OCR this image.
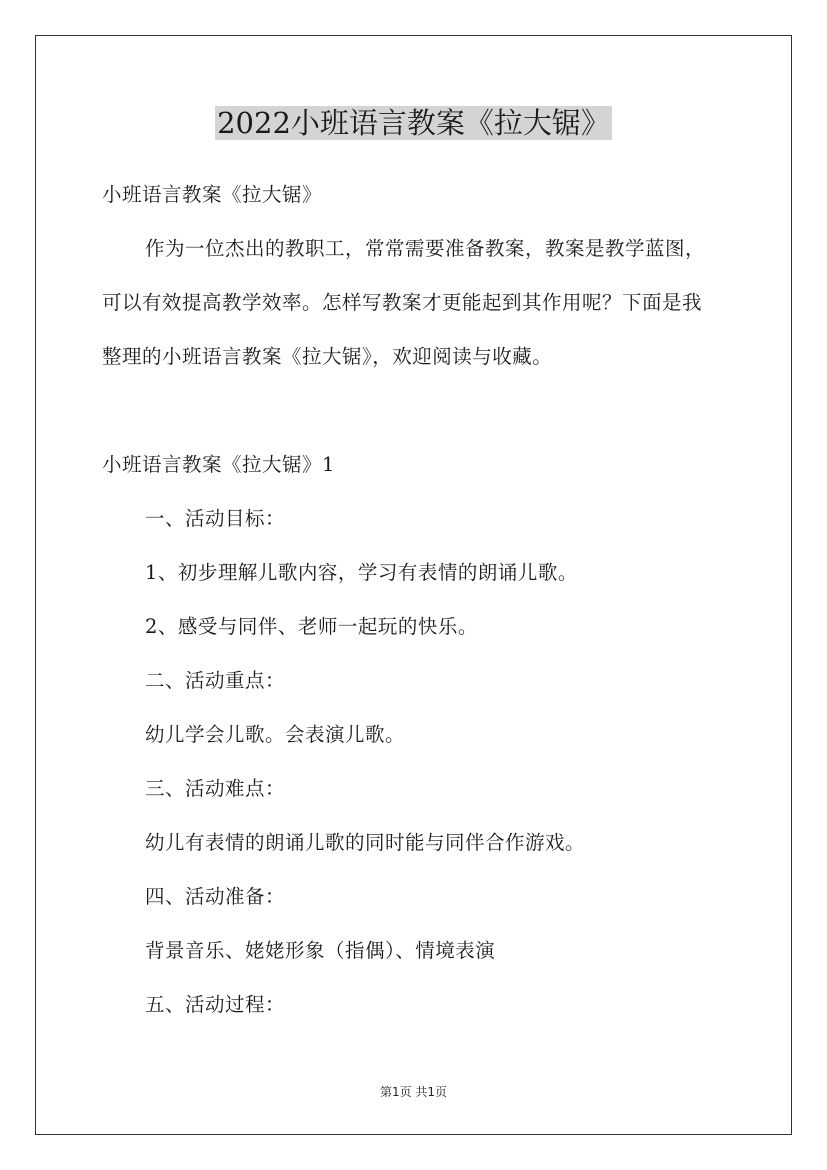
2022小班语言教案《拉大锯》

小班语言教案《拉大锯》

作为一位杰出的教职工，常常需要准备教案，教案是教学蓝图，

可以有效提高教学效率。怎样写教案才更能起到其作用呢？下面是我

整理的小班语言教案《拉大锯》，欢迎阅读与收藏。

小班语言教案《拉大锯》1

一、活动目标：

1、初步理解儿歌内容，学习有表情的朗诵儿歌。

2、感受与同伴、老师一起玩的快乐。

二、活动重点：

幼儿学会儿歌。会表演儿歌。

三、活动难点：

幼儿有表情的朗诵儿歌的同时能与同伴合作游戏。

四、活动准备：

背景音乐、姥姥形象（指偶）、情境表演

五、活动过程：

第1页 共1页
